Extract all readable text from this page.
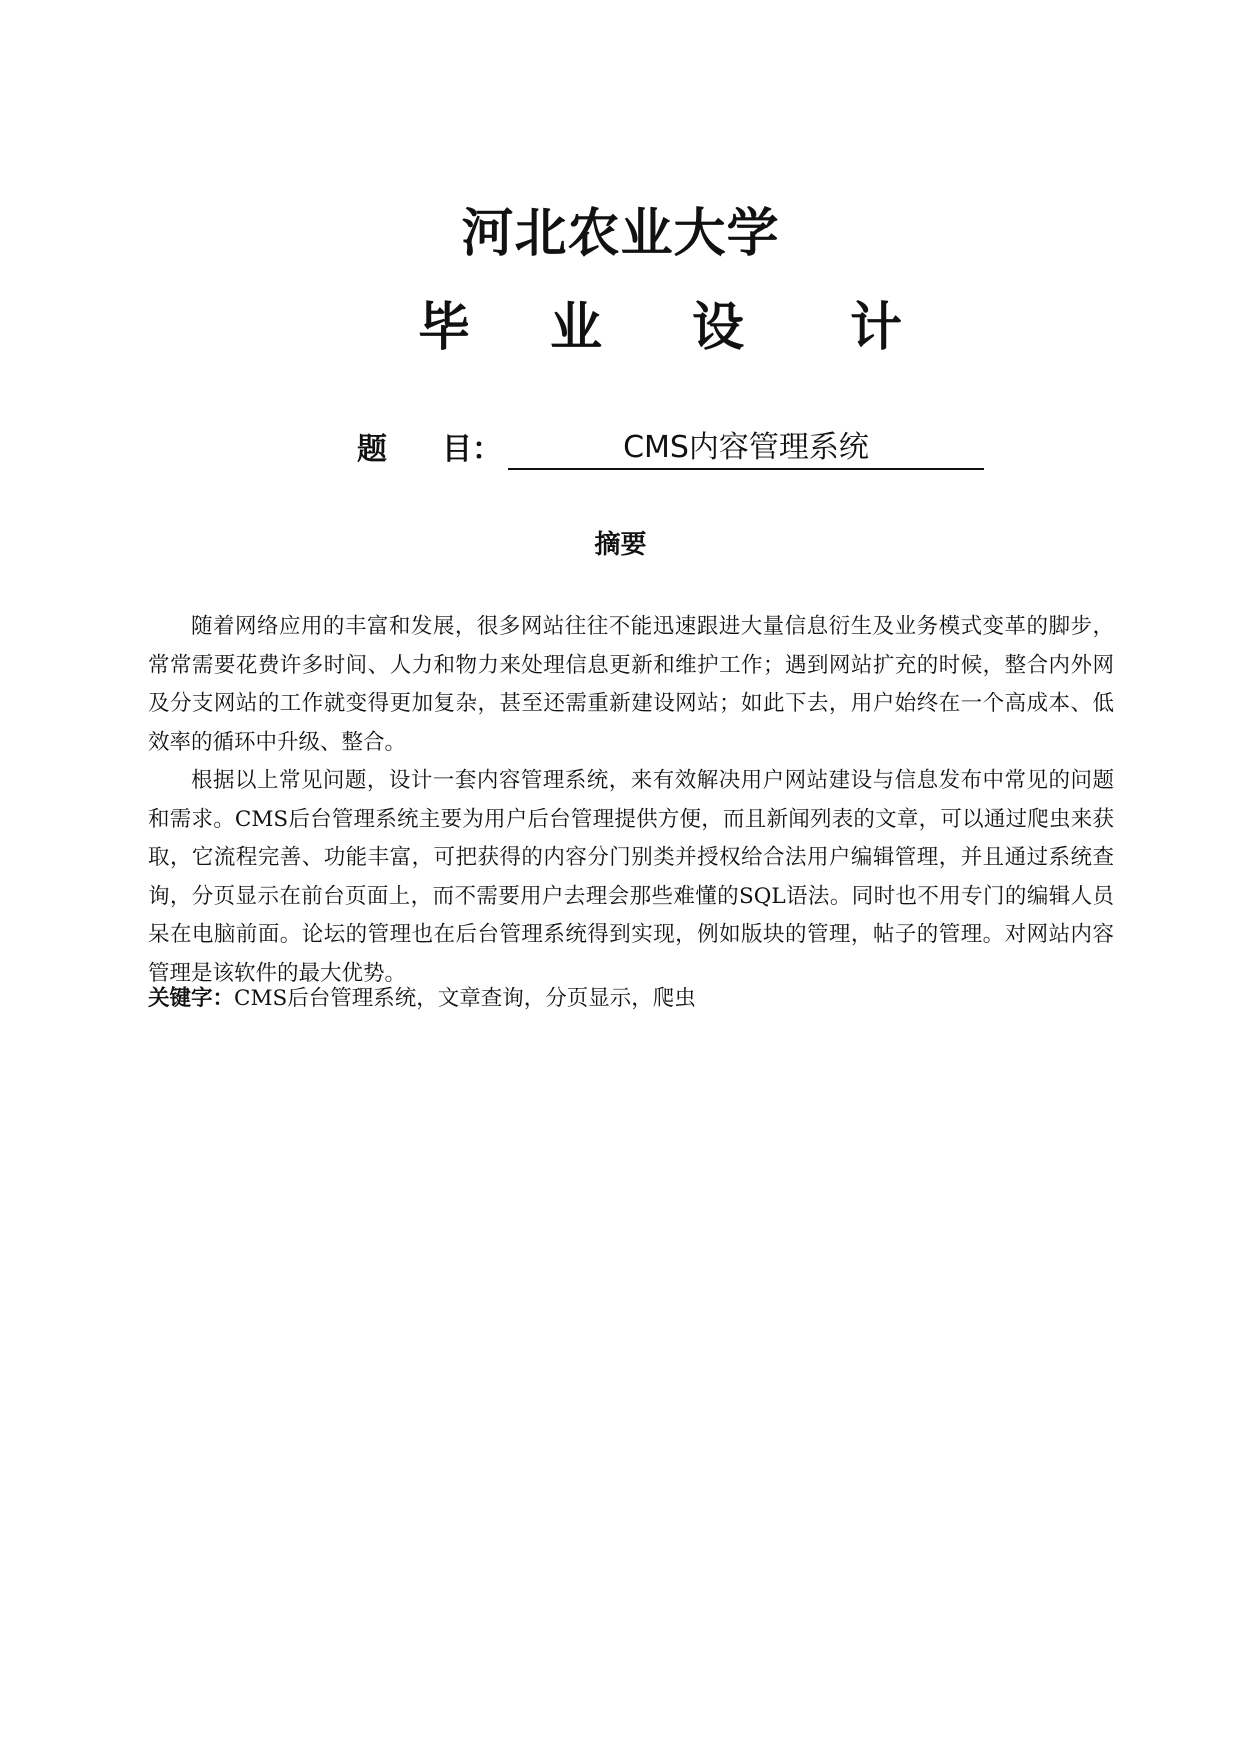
河北农业大学
毕 业 设 计
题 目：	CMS内容管理系统
摘要

随着网络应用的丰富和发展，很多网站往往不能迅速跟进大量信息衍生及业务模式变革的脚步，常常需要花费许多时间、人力和物力来处理信息更新和维护工作；遇到网站扩充的时候，整合内外网及分支网站的工作就变得更加复杂，甚至还需重新建设网站；如此下去，用户始终在一个高成本、低效率的循环中升级、整合。

根据以上常见问题，设计一套内容管理系统，来有效解决用户网站建设与信息发布中常见的问题和需求。CMS后台管理系统主要为用户后台管理提供方便，而且新闻列表的文章，可以通过爬虫来获取，它流程完善、功能丰富，可把获得的内容分门别类并授权给合法用户编辑管理，并且通过系统查询，分页显示在前台页面上，而不需要用户去理会那些难懂的SQL语法。同时也不用专门的编辑人员呆在电脑前面。论坛的管理也在后台管理系统得到实现，例如版块的管理，帖子的管理。对网站内容管理是该软件的最大优势。

关键字：CMS后台管理系统，文章查询，分页显示，爬虫
